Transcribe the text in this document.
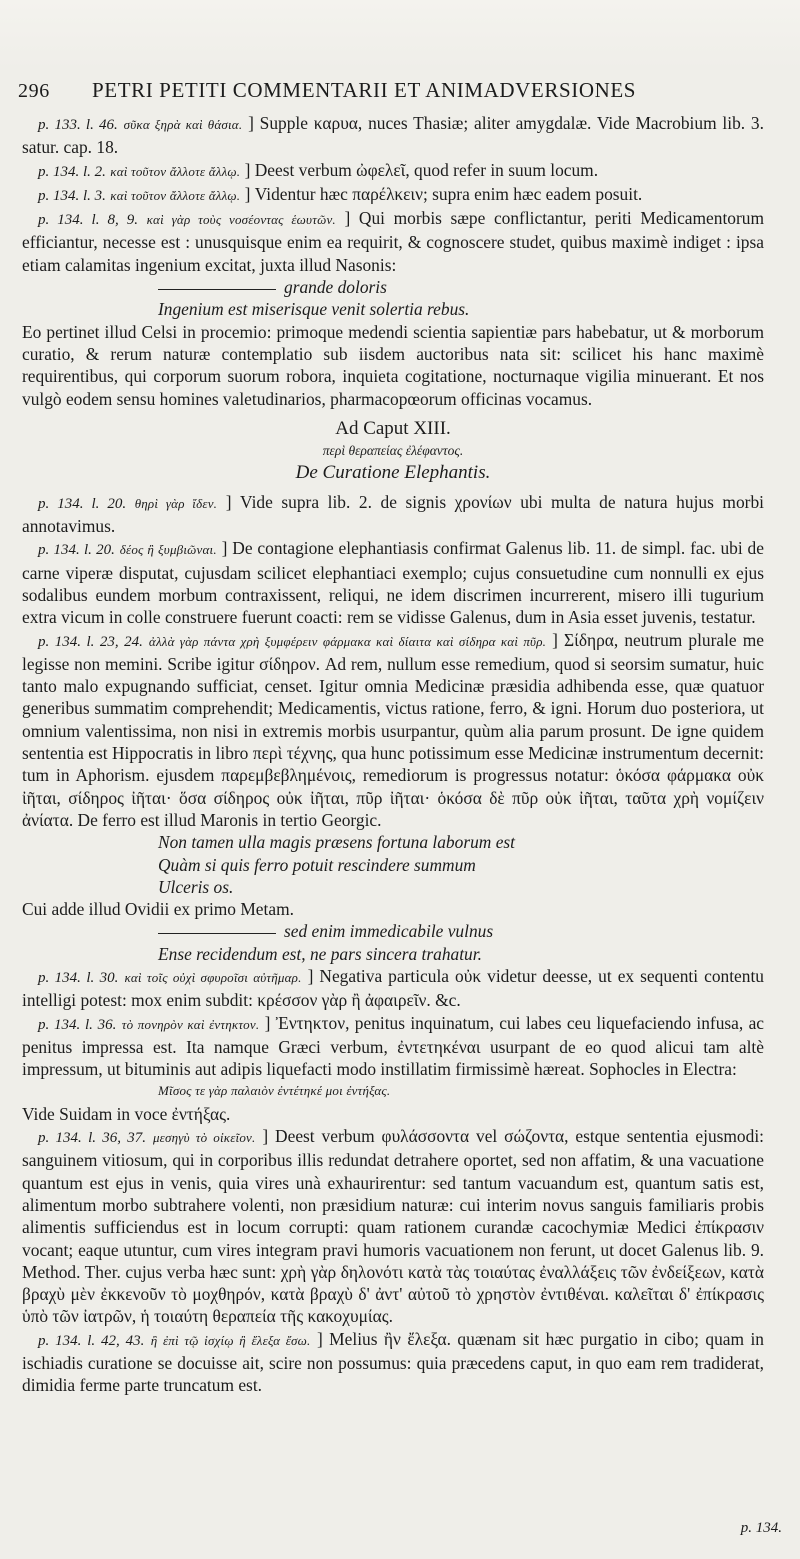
296	PETRI PETITI COMMENTARII ET ANIMADVERSIONES

p. 133. l. 46. σῦκα ξηρὰ καὶ θάσια. ] Supple καρυα, nuces Thasiæ; aliter amygdalæ. Vide Macrobium lib. 3. satur. cap. 18.

p. 134. l. 2. καὶ τοῦτον ἄλλοτε ἄλλῳ. ] Deest verbum ὠφελεῖ, quod refer in suum locum.

p. 134. l. 3. καὶ τοῦτον ἄλλοτε ἄλλῳ. ] Videntur hæc παρέλκειν; supra enim hæc eadem posuit.

p. 134. l. 8, 9. καὶ γὰρ τοὺς νοσέοντας ἑωυτῶν. ] Qui morbis sæpe conflictantur, periti Medicamentorum efficiantur, necesse est : unusquisque enim ea requirit, & cognoscere studet, quibus maximè indiget : ipsa etiam calamitas ingenium excitat, juxta illud Nasonis:

grande doloris
Ingenium est miserisque venit solertia rebus.

Eo pertinet illud Celsi in procemio: primoque medendi scientia sapientiæ pars habebatur, ut & morborum curatio, & rerum naturæ contemplatio sub iisdem auctoribus nata sit: scilicet his hanc maximè requirentibus, qui corporum suorum robora, inquieta cogitatione, nocturnaque vigilia minuerant. Et nos vulgò eodem sensu homines valetudinarios, pharmacopœorum officinas vocamus.

Ad Caput XIII.
περὶ θεραπείας ἐλέφαντος.
De Curatione Elephantis.

p. 134. l. 20. θηρὶ γὰρ ἴδεν. ] Vide supra lib. 2. de signis χρονίων ubi multa de natura hujus morbi annotavimus.

p. 134. l. 20. δέος ἢ ξυμβιῶναι. ] De contagione elephantiasis confirmat Galenus lib. 11. de simpl. fac. ubi de carne viperæ disputat, cujusdam scilicet elephantiaci exemplo; cujus consuetudine cum nonnulli ex ejus sodalibus eundem morbum contraxissent, reliqui, ne idem discrimen incurrerent, misero illi tugurium extra vicum in colle construere fuerunt coacti: rem se vidisse Galenus, dum in Asia esset juvenis, testatur.

p. 134. l. 23, 24. ἀλλὰ γὰρ πάντα χρὴ ξυμφέρειν φάρμακα καὶ δίαιτα καὶ σίδηρα καὶ πῦρ. ] Σίδηρα, neutrum plurale me legisse non memini. Scribe igitur σίδηρον. Ad rem, nullum esse remedium, quod si seorsim sumatur, huic tanto malo expugnando sufficiat, censet. Igitur omnia Medicinæ præsidia adhibenda esse, quæ quatuor generibus summatim comprehendit; Medicamentis, victus ratione, ferro, & igni. Horum duo posteriora, ut omnium valentissima, non nisi in extremis morbis usurpantur, quùm alia parum prosunt. De igne quidem sententia est Hippocratis in libro περὶ τέχνης, qua hunc potissimum esse Medicinæ instrumentum decernit: tum in Aphorism. ejusdem παρεμβεβλημένοις, remediorum is progressus notatur: ὁκόσα φάρμακα οὐκ ἰῆται, σίδηρος ἰῆται· ὅσα σίδηρος οὐκ ἰῆται, πῦρ ἰῆται· ὁκόσα δὲ πῦρ οὐκ ἰῆται, ταῦτα χρὴ νομίζειν ἀνίατα. De ferro est illud Maronis in tertio Georgic.

Non tamen ulla magis præsens fortuna laborum est
Quàm si quis ferro potuit rescindere summum
Ulceris os.

Cui adde illud Ovidii ex primo Metam.

sed enim immedicabile vulnus
Ense recidendum est, ne pars sincera trahatur.

p. 134. l. 30. καὶ τοῖς οὐχὶ σφυροῖσι αὐτῆμαρ. ] Negativa particula οὐκ videtur deesse, ut ex sequenti contentu intelligi potest: mox enim subdit: κρέσσον γὰρ ἢ ἀφαιρεῖν. &c.

p. 134. l. 36. τὸ πονηρὸν καὶ ἐντηκτον. ] Ἐντηκτον, penitus inquinatum, cui labes ceu liquefaciendo infusa, ac penitus impressa est. Ita namque Græci verbum, ἐντετηκέναι usurpant de eo quod alicui tam altè impressum, ut bituminis aut adipis liquefacti modo instillatim firmissimè hæreat. Sophocles in Electra:

Μῖσος τε γὰρ παλαιὸν ἐντέτηκέ μοι ἐντήξας.

Vide Suidam in voce ἐντήξας.

p. 134. l. 36, 37. μεσηγὺ τὸ οἰκεῖον. ] Deest verbum φυλάσσοντα vel σώζοντα, estque sententia ejusmodi: sanguinem vitiosum, qui in corporibus illis redundat detrahere oportet, sed non affatim, & una vacuatione quantum est ejus in venis, quia vires unà exhaurirentur: sed tantum vacuandum est, quantum satis est, alimentum morbo subtrahere volenti, non præsidium naturæ: cui interim novus sanguis familiaris probis alimentis sufficiendus est in locum corrupti: quam rationem curandæ cacochymiæ Medici ἐπίκρασιν vocant; eaque utuntur, cum vires integram pravi humoris vacuationem non ferunt, ut docet Galenus lib. 9. Method. Ther. cujus verba hæc sunt: χρὴ γὰρ δηλονότι κατὰ τὰς τοιαύτας ἐναλλάξεις τῶν ἐνδείξεων, κατὰ βραχὺ μὲν ἐκκενοῦν τὸ μοχθηρόν, κατὰ βραχὺ δ' ἀντ' αὐτοῦ τὸ χρηστὸν ἐντιθέναι. καλεῖται δ' ἐπίκρασις ὑπὸ τῶν ἰατρῶν, ἡ τοιαύτη θεραπεία τῆς κακοχυμίας.

p. 134. l. 42, 43. ἢ ἐπὶ τῷ ἰσχίῳ ἢ ἔλεξα ἔσω. ] Melius ἢν ἔλεξα. quænam sit hæc purgatio in cibo; quam in ischiadis curatione se docuisse ait, scire non possumus: quia præcedens caput, in quo eam rem tradiderat, dimidia ferme parte truncatum est.

p. 134.
